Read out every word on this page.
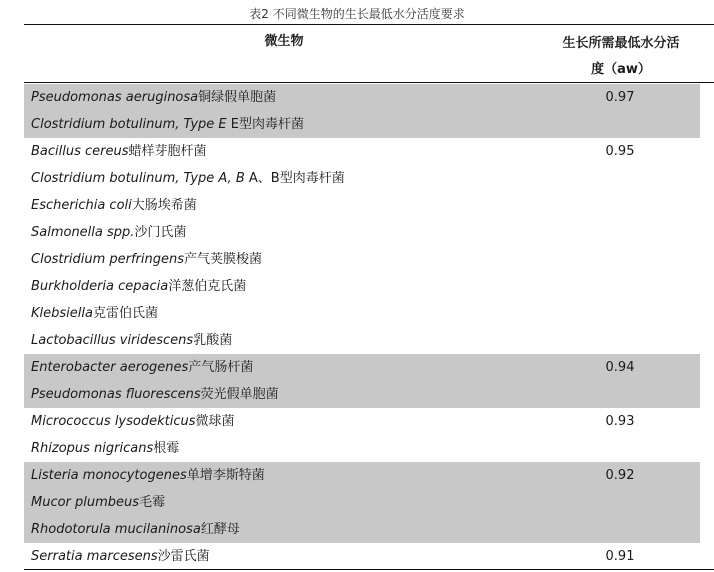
表2 不同微生物的生长最低水分活度要求
微生物	生长所需最低水分活
度（aw）
Pseudomonas aeruginosa铜绿假单胞菌	0.97
Clostridium botulinum, Type E E型肉毒杆菌
Bacillus cereus蜡样芽胞杆菌	0.95
Clostridium botulinum, Type A, B A、B型肉毒杆菌
Escherichia coli大肠埃希菌
Salmonella spp.沙门氏菌
Clostridium perfringens产气荚膜梭菌
Burkholderia cepacia洋葱伯克氏菌
Klebsiella克雷伯氏菌
Lactobacillus viridescens乳酸菌
Enterobacter aerogenes产气肠杆菌	0.94
Pseudomonas fluorescens荧光假单胞菌
Micrococcus lysodekticus微球菌	0.93
Rhizopus nigricans根霉
Listeria monocytogenes单增李斯特菌	0.92
Mucor plumbeus毛霉
Rhodotorula mucilaninosa红酵母
Serratia marcesens沙雷氏菌	0.91
